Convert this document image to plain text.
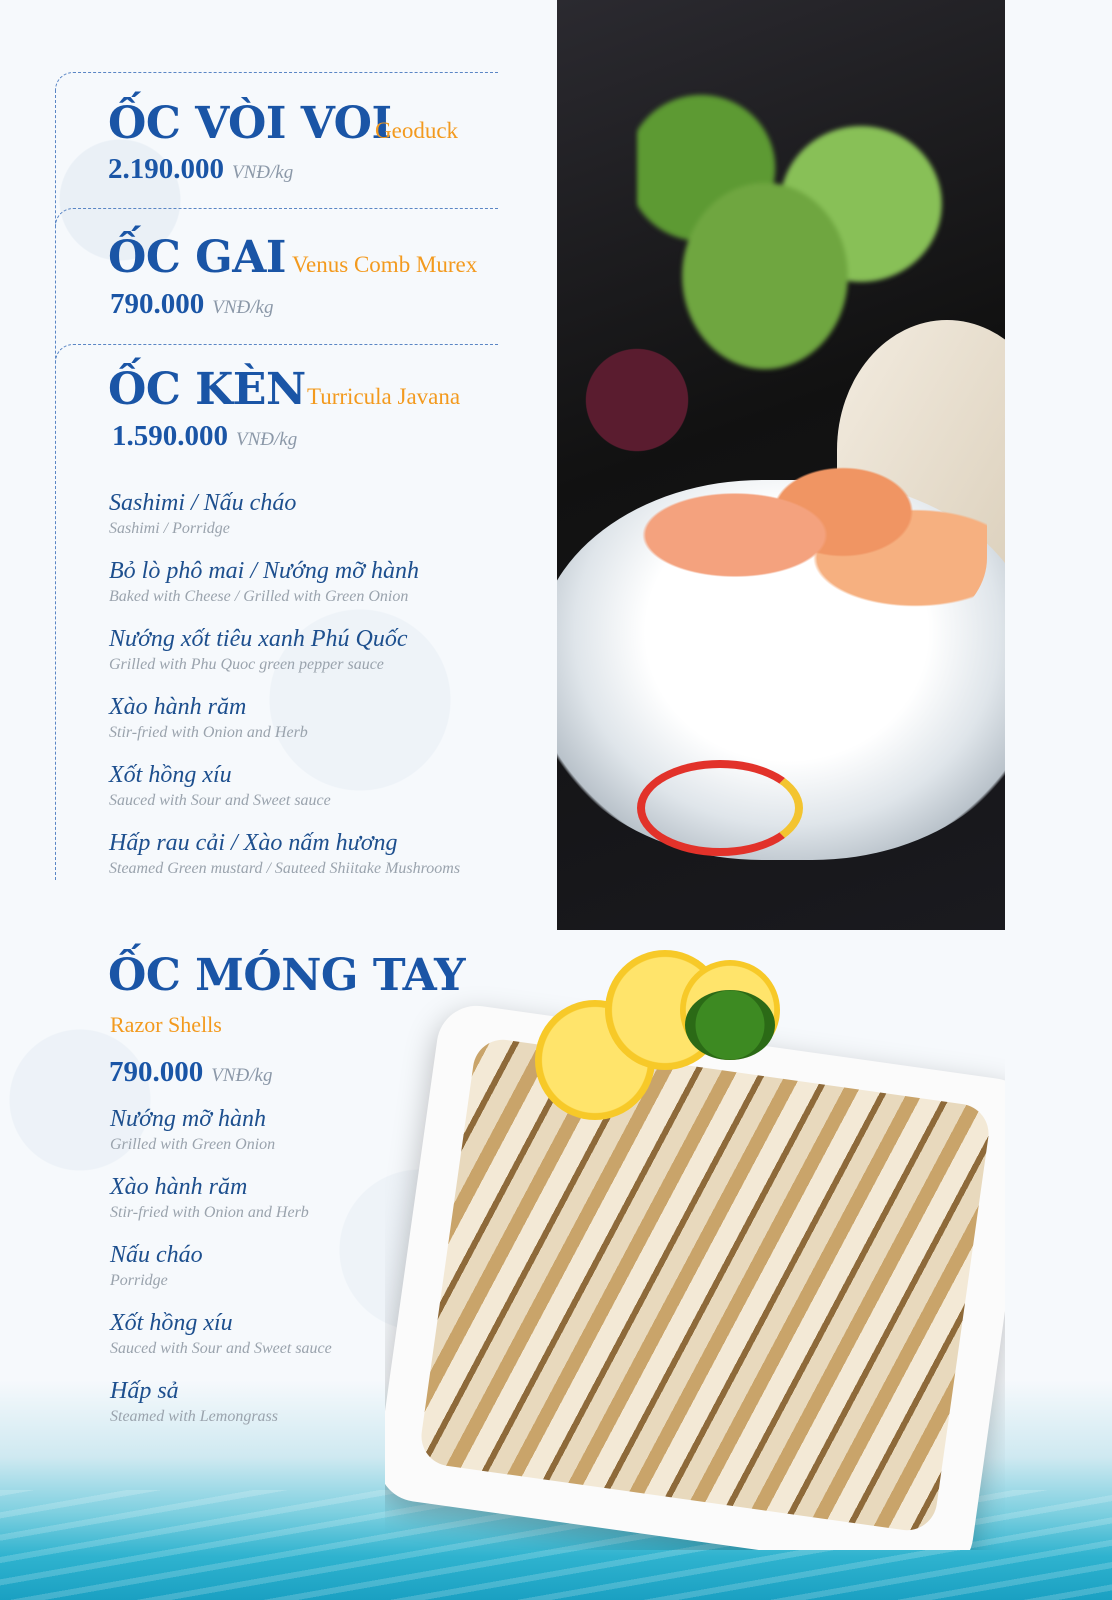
ỐC VÒI VOI
Geoduck
2.190.000 VNĐ/kg
ỐC GAI Venus Comb Murex
790.000 VNĐ/kg
ỐC KÈN Turricula Javana
1.590.000 VNĐ/kg
Sashimi / Nấu cháo
Sashimi / Porridge
Bỏ lò phô mai / Nướng mỡ hành
Baked with Cheese / Grilled with Green Onion
Nướng xốt tiêu xanh Phú Quốc
Grilled with Phu Quoc green pepper sauce
Xào hành răm
Stir-fried with Onion and Herb
Xốt hồng xíu
Sauced with Sour and Sweet sauce
Hấp rau cải / Xào nấm hương
Steamed Green mustard / Sauteed Shiitake Mushrooms
ỐC MÓNG TAY
Razor Shells
790.000 VNĐ/kg
Nướng mỡ hành
Grilled with Green Onion
Xào hành răm
Stir-fried with Onion and Herb
Nấu cháo
Porridge
Xốt hồng xíu
Sauced with Sour and Sweet sauce
Hấp sả
Steamed with Lemongrass
